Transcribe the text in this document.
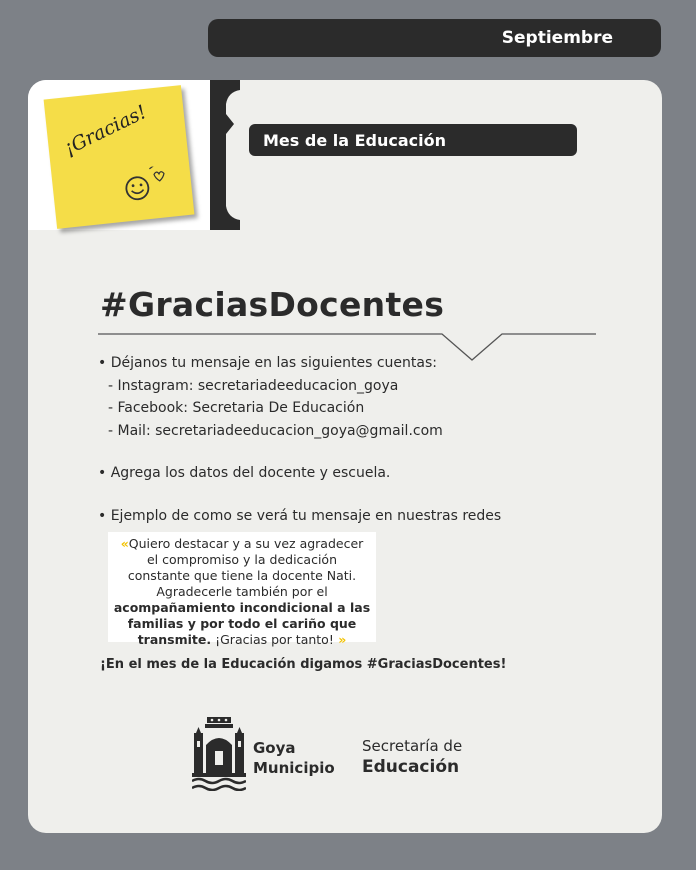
Septiembre
¡Gracias!	Mes de la Educación
#GraciasDocentes
• Déjanos tu mensaje en las siguientes cuentas:
- Instagram: secretariadeeducacion_goya
- Facebook: Secretaria De Educación
- Mail: secretariadeeducacion_goya@gmail.com
• Agrega los datos del docente y escuela.
• Ejemplo de como se verá tu mensaje en nuestras redes
«Quiero destacar y a su vez agradecer
el compromiso y la dedicación
constante que tiene la docente Nati.
Agradecerle también por el
acompañamiento incondicional a las
familias y por todo el cariño que
transmite. ¡Gracias por tanto! »
¡En el mes de la Educación digamos #GraciasDocentes!
Goya
Municipio
Secretaría de
Educación
